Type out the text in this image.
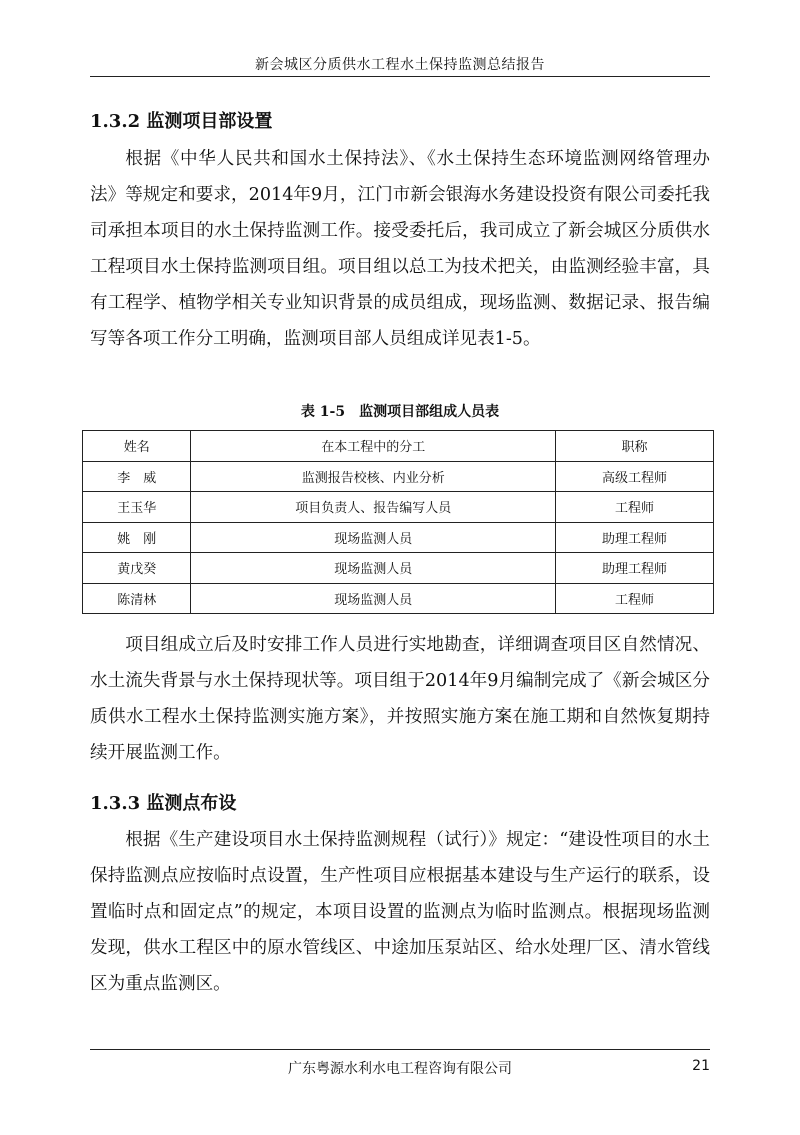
新会城区分质供水工程水土保持监测总结报告
1.3.2 监测项目部设置

根据《中华人民共和国水土保持法》、《水土保持生态环境监测网络管理办法》等规定和要求，2014年9月，江门市新会银海水务建设投资有限公司委托我司承担本项目的水土保持监测工作。接受委托后，我司成立了新会城区分质供水工程项目水土保持监测项目组。项目组以总工为技术把关，由监测经验丰富，具有工程学、植物学相关专业知识背景的成员组成，现场监测、数据记录、报告编写等各项工作分工明确，监测项目部人员组成详见表1-5。

表 1-5　监测项目部组成人员表
姓名	在本工程中的分工	职称
李　威	监测报告校核、内业分析	高级工程师
王玉华	项目负责人、报告编写人员	工程师
姚　刚	现场监测人员	助理工程师
黄戊癸	现场监测人员	助理工程师
陈清林	现场监测人员	工程师

项目组成立后及时安排工作人员进行实地勘查，详细调查项目区自然情况、水土流失背景与水土保持现状等。项目组于2014年9月编制完成了《新会城区分质供水工程水土保持监测实施方案》，并按照实施方案在施工期和自然恢复期持续开展监测工作。

1.3.3 监测点布设

根据《生产建设项目水土保持监测规程（试行）》规定：“建设性项目的水土保持监测点应按临时点设置，生产性项目应根据基本建设与生产运行的联系，设置临时点和固定点”的规定，本项目设置的监测点为临时监测点。根据现场监测发现，供水工程区中的原水管线区、中途加压泵站区、给水处理厂区、清水管线区为重点监测区。

广东粤源水利水电工程咨询有限公司	21
